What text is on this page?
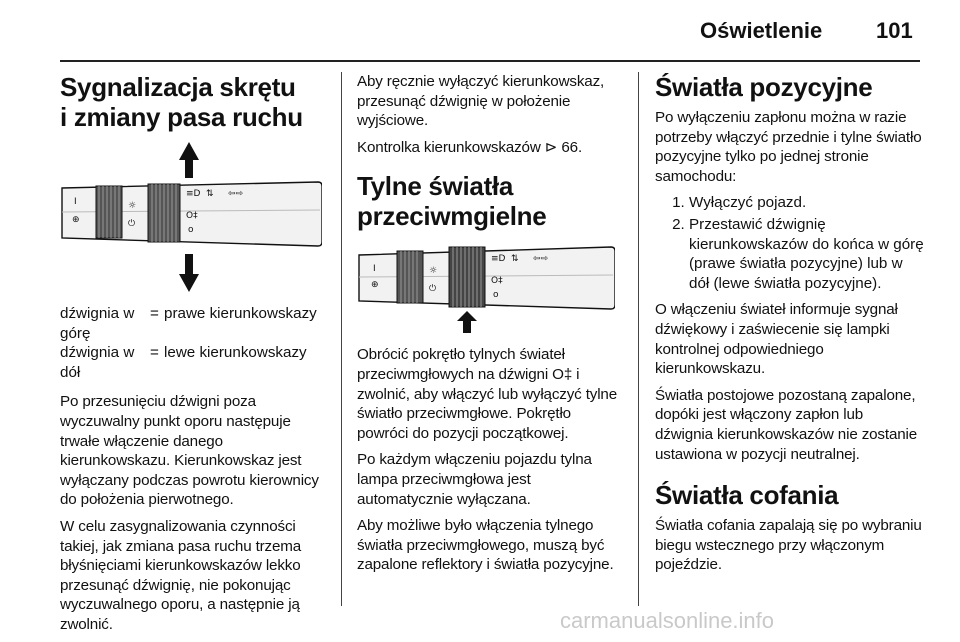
Oświetlenie 101
Sygnalizacja skrętu
i zmiany pasa ruchu
I
⊕
☼
⏻
≡D ⇅ ⇦⇨
O‡
o
dźwignia w górę
= prawe kierunkowskazy
dźwignia w dół
= lewe kierunkowskazy

Po przesunięciu dźwigni poza wyczuwalny punkt oporu następuje trwałe włączenie danego kierunkowskazu. Kierunkowskaz jest wyłączany podczas powrotu kierownicy do położenia pierwotnego.

W celu zasygnalizowania czynności takiej, jak zmiana pasa ruchu trzema błyśnięciami kierunkowskazów lekko przesunąć dźwignię, nie pokonując wyczuwalnego oporu, a następnie ją zwolnić.

Aby ręcznie wyłączyć kierunkowskaz, przesunąć dźwignię w położenie wyjściowe.

Kontrolka kierunkowskazów ⊳ 66.

Tylne światła
przeciwmgielne
I
⊕
☼
⏻
≡D ⇅ ⇦⇨
O‡
o

Obrócić pokrętło tylnych świateł przeciwmgłowych na dźwigni O‡ i zwolnić, aby włączyć lub wyłączyć tylne światło przeciwmgłowe. Pokrętło powróci do pozycji początkowej.

Po każdym włączeniu pojazdu tylna lampa przeciwmgłowa jest automatycznie wyłączana.

Aby możliwe było włączenia tylnego światła przeciwmgłowego, muszą być zapalone reflektory i światła pozycyjne.

Światła pozycyjne

Po wyłączeniu zapłonu można w razie potrzeby włączyć przednie i tylne światło pozycyjne tylko po jednej stronie samochodu:

1. Wyłączyć pojazd.
2. Przestawić dźwignię kierunkowskazów do końca w górę (prawe światła pozycyjne) lub w dół (lewe światła pozycyjne).

O włączeniu świateł informuje sygnał dźwiękowy i zaświecenie się lampki kontrolnej odpowiedniego kierunkowskazu.

Światła postojowe pozostaną zapalone, dopóki jest włączony zapłon lub dźwignia kierunkowskazów nie zostanie ustawiona w pozycji neutralnej.

Światła cofania

Światła cofania zapalają się po wybraniu biegu wstecznego przy włączonym pojeździe.

carmanualsonline.info
